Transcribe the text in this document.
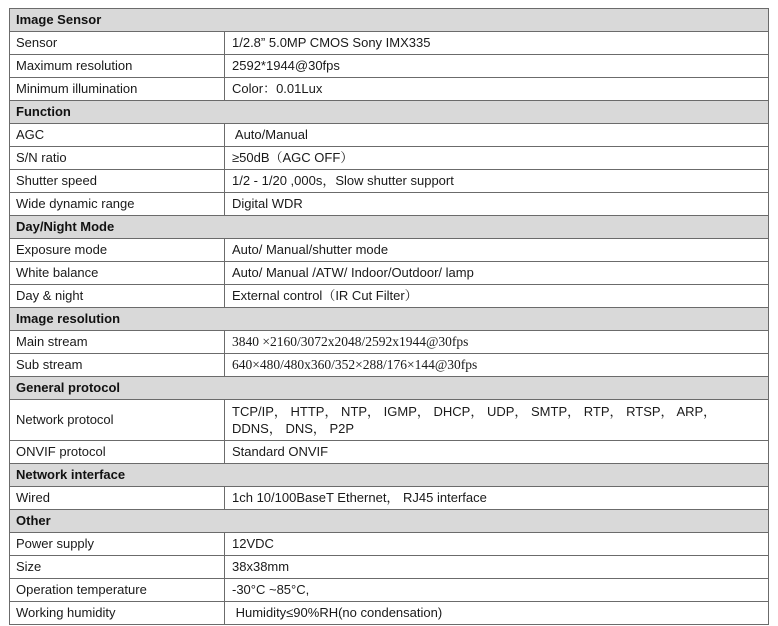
Image Sensor	
Sensor	1/2.8” 5.0MP CMOS Sony IMX335
Maximum resolution	2592*1944@30fps
Minimum illumination	Color：0.01Lux
Function	
AGC	Auto/Manual
S/N ratio	≥50dB（AGC OFF）
Shutter speed	1/2 - 1/20 ,000s，Slow shutter support
Wide dynamic range	Digital WDR
Day/Night Mode	
Exposure mode	Auto/ Manual/shutter mode
White balance	Auto/ Manual /ATW/ Indoor/Outdoor/ lamp
Day & night	External control（IR Cut Filter）
Image resolution	
Main stream	3840 ×2160/3072x2048/2592x1944@30fps
Sub stream	640×480/480x360/352×288/176×144@30fps
General protocol	
Network protocol	TCP/IP， HTTP， NTP， IGMP， DHCP， UDP， SMTP， RTP， RTSP， ARP， DDNS， DNS， P2P
ONVIF protocol	Standard ONVIF
Network interface	
Wired	1ch 10/100BaseT Ethernet， RJ45 interface
Other	
Power supply	12VDC
Size	38x38mm
Operation temperature	-30°C ~85°C,
Working humidity	Humidity≤90%RH(no condensation)
